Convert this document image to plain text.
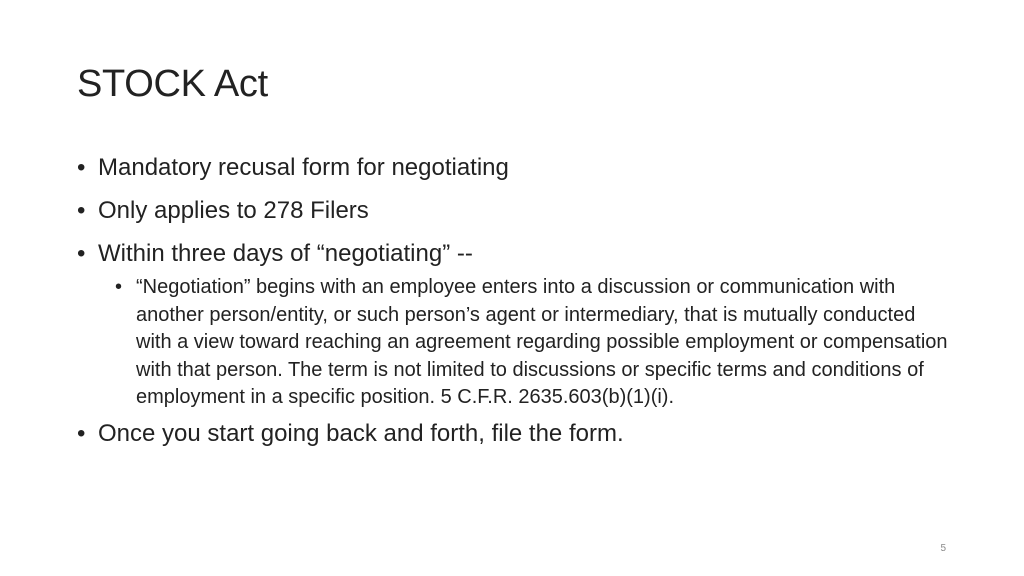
STOCK Act
• Mandatory recusal form for negotiating
• Only applies to 278 Filers
• Within three days of “negotiating” --
• “Negotiation” begins with an employee enters into a discussion or communication with another person/entity, or such person’s agent or intermediary, that is mutually conducted with a view toward reaching an agreement regarding possible employment or compensation with that person. The term is not limited to discussions or specific terms and conditions of employment in a specific position. 5 C.F.R. 2635.603(b)(1)(i).
• Once you start going back and forth, file the form.
5
